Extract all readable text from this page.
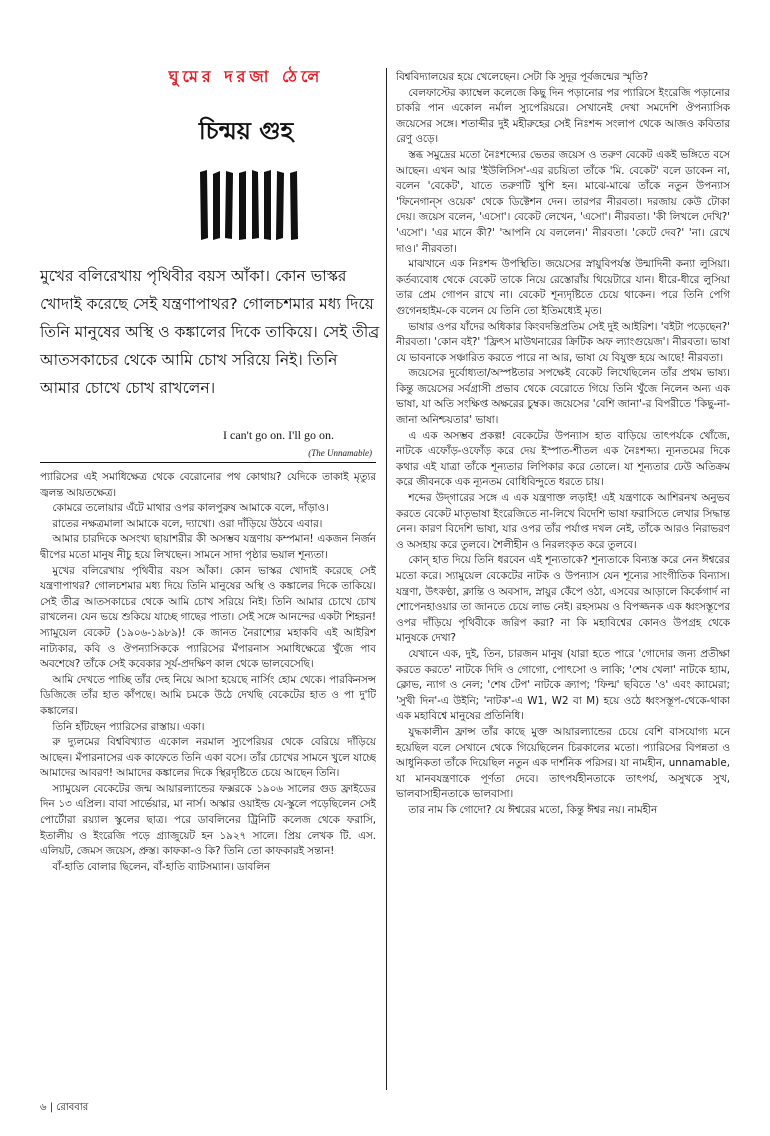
ঘুমের দরজা ঠেলে
চিন্ময় গুহ
মুখের বলিরেখায় পৃথিবীর বয়স আঁকা। কোন ভাস্কর খোদাই করেছে সেই যন্ত্রণাপাথর? গোলচশমার মধ্য দিয়ে তিনি মানুষের অস্থি ও কঙ্কালের দিকে তাকিয়ে। সেই তীব্র আতসকাচের থেকে আমি চোখ সরিয়ে নিই। তিনি আমার চোখে চোখ রাখলেন।
I can't go on. I'll go on.
(The Unnamable)

প্যারিসের এই সমাধিক্ষেত্র থেকে বেরোনোর পথ কোথায়? যেদিকে তাকাই মৃত্যুর জ্বলন্ত আয়তক্ষেত্র।

কোমরে তলোয়ার এঁটে মাথার ওপর কালপুরুষ আমাকে বলে, দাঁড়াও।

রাতের নক্ষত্রমালা আমাকে বলে, দ্যাখো। ওরা দাঁড়িয়ে উঠবে এবার।

আমার চারদিকে অসংখ্য ছায়াশরীর কী অসম্ভব যন্ত্রণায় কম্পমান! একজন নির্জন দ্বীপের মতো মানুষ নীচু হয়ে লিখছেন। সামনে সাদা পৃষ্ঠার ভয়াল শূন্যতা।

মুখের বলিরেখায় পৃথিবীর বয়স আঁকা। কোন ভাস্কর খোদাই করেছে সেই যন্ত্রণাপাথর? গোলচশমার মধ্য দিয়ে তিনি মানুষের অস্থি ও কঙ্কালের দিকে তাকিয়ে। সেই তীব্র আতসকাচের থেকে আমি চোখ সরিয়ে নিই। তিনি আমার চোখে চোখ রাখলেন। যেন ভয়ে শুকিয়ে যাচ্ছে গাছের পাতা। সেই সঙ্গে আনন্দের একটা শিহরন! স্যামুয়েল বেকেট (১৯০৬-১৯৮৯)! কে জানত নৈরাশ্যের মহাকবি এই আইরিশ নাট্যকার, কবি ও ঔপন্যাসিককে প্যারিসের মঁপারনাস সমাধিক্ষেত্রে খুঁজে পাব অবশেষে? তাঁকে সেই কবেকার সূর্য-প্রদক্ষিণ কাল থেকে ভালবেসেছি।

আমি দেখতে পাচ্ছি তাঁর দেহ নিয়ে আসা হয়েছে নার্সিং হোম থেকে। পারকিনসন্স ডিজিজে তাঁর হাত কাঁপছে। আমি চমকে উঠে দেখছি বেকেটের হাত ও পা দু'টি কঙ্কালের।

তিনি হাঁটছেন প্যারিসের রাস্তায়। একা।

রু দ্যুলমের বিশ্ববিখ্যাত একোল নরমাল স্যুপেরিয়র থেকে বেরিয়ে দাঁড়িয়ে আছেন। মঁপারনাসের এক কাফেতে তিনি একা বসে। তাঁর চোখের সামনে খুলে যাচ্ছে আমাদের আবরণ! আমাদের কঙ্কালের দিকে স্থিরদৃষ্টিতে চেয়ে আছেন তিনি।

স্যামুয়েল বেকেটের জন্ম আয়ারল্যান্ডের ফক্সরকে ১৯০৬ সালের গুড ফ্রাইডের দিন ১৩ এপ্রিল। বাবা সার্ভেয়ার, মা নার্স। অস্কার ওয়াইল্ড যে-স্কুলে পড়েছিলেন সেই পোর্টোরা রয়্যাল স্কুলের ছাত্র। পরে ডাবলিনের ট্রিনিটি কলেজ থেকে ফরাসি, ইতালীয় ও ইংরেজি পড়ে গ্র্যাজুয়েট হন ১৯২৭ সালে। প্রিয় লেখক টি. এস. এলিয়ট, জেমস জয়েস, প্রুস্ত। কাফকা-ও কি? তিনি তো কাফকারই সন্তান!

বাঁ-হাতি বোলার ছিলেন, বাঁ-হাতি ব্যাটসম্যান। ডাবলিন

বিশ্ববিদ্যালয়ের হয়ে খেলেছেন। সেটা কি সুদূর পূর্বজন্মের স্মৃতি?

বেলফাস্টের ক্যাম্বেল কলেজে কিছু দিন পড়ানোর পর প্যারিসে ইংরেজি পড়ানোর চাকরি পান একোল নর্মাল স্যুপেরিয়রে। সেখানেই দেখা সমদেশি ঔপন্যাসিক জয়েসের সঙ্গে। শতাব্দীর দুই মহীরুহের সেই নিঃশব্দ সংলাপ থেকে আজও কবিতার রেণু ওড়ে।

স্তব্ধ সমুদ্রের মতো নৈঃশব্দ্যের ভেতর জয়েস ও তরুণ বেকেট একই ভঙ্গিতে বসে আছেন। এখন আর 'ইউলিসিস'-এর রচয়িতা তাঁকে 'মি. বেকেট' বলে ডাকেন না, বলেন 'বেকেট', যাতে তরুণটি খুশি হন। মাঝে-মাঝে তাঁকে নতুন উপন্যাস 'ফিনেগান্‌স ওয়েক' থেকে ডিক্টেশন দেন। তারপর নীরবতা। দরজায় কেউ টোকা দেয়। জয়েস বলেন, 'এসো'। বেকেট লেখেন, 'এসো'। নীরবতা। 'কী লিখলে দেখি?' 'এসো'। 'এর মানে কী?' 'আপনি যে বললেন।' নীরবতা। 'কেটে দেব?' 'না। রেখে দাও।' নীরবতা।

মাঝখানে এক নিঃশব্দ উপস্থিতি। জয়েসের স্নায়ুবিপর্যস্ত উন্মাদিনী কন্যা লুসিয়া। কর্তব্যবোধ থেকে বেকেট তাকে নিয়ে রেস্তোরাঁয় থিয়েটারে যান। ধীরে-ধীরে লুসিয়া তার প্রেম গোপন রাখে না। বেকেট শূন্যদৃষ্টিতে চেয়ে থাকেন। পরে তিনি পেগি গুগেনহাইম-কে বলেন যে তিনি তো ইতিমধ্যেই মৃত।

ভাষার ওপর যাঁদের অধিকার কিংবদন্তিপ্রতিম সেই দুই আইরিশ। 'বইটা পড়েছেন?' নীরবতা। 'কোন বই?' 'ফ্রিৎস মাউথনারের ক্রিটিক অফ ল্যাংগুয়েজ'। নীরবতা। ভাষা যে ভাবনাকে সঞ্চারিত করতে পারে না আর, ভাষা যে বিযুক্ত হয়ে আছে! নীরবতা।

জয়েসের দুর্বোধ্যতা/অস্পষ্টতার সপক্ষেই বেকেট লিখেছিলেন তাঁর প্রথম ভাষ্য। কিন্তু জয়েসের সর্বগ্রাসী প্রভাব থেকে বেরোতে গিয়ে তিনি খুঁজে নিলেন অন্য এক ভাষা, যা অতি সংক্ষিপ্ত অক্ষরের চুম্বক। জয়েসের 'বেশি জানা'-র বিপরীতে 'কিছু-না-জানা অনিশ্চয়তার' ভাষা।

এ এক অসম্ভব প্রকল্প! বেকেটের উপন্যাস হাত বাড়িয়ে তাৎপর্যকে খোঁজে, নাটকে এফোঁড়-ওফোঁড় করে দেয় ইস্পাত-শীতল এক নৈঃশব্দ্য। ন্যূনতমের দিকে কথার এই যাত্রা তাঁকে শূন্যতার লিপিকার করে তোলে। যা শূন্যতার ঢেউ অতিক্রম করে জীবনকে এক ন্যূনতম বোধিবিন্দুতে ধরতে চায়।

শব্দের উদ্‌গারের সঙ্গে এ এক যন্ত্রণাক্ত লড়াই! এই যন্ত্রণাকে আশিরনখ অনুভব করতে বেকেট মাতৃভাষা ইংরেজিতে না-লিখে বিদেশি ভাষা ফরাসিতে লেখার সিদ্ধান্ত নেন। কারণ বিদেশি ভাষা, যার ওপর তাঁর পর্যাপ্ত দখল নেই, তাঁকে আরও নিরাভরণ ও অসহায় করে তুলবে। শৈলীহীন ও নিরলংকৃত করে তুলবে।

কোন্‌ হাত দিয়ে তিনি ধরবেন এই শূন্যতাকে? শূন্যতাকে বিন্যস্ত করে নেন ঈশ্বরের মতো করে। স্যামুয়েল বেকেটের নাটক ও উপন্যাস যেন শূন্যের সাংগীতিক বিন্যাস। যন্ত্রণা, উৎকণ্ঠা, ক্লান্তি ও অবসাদ, স্নায়ুর কেঁপে ওঠা, এসবের আড়ালে কির্কেগার্দ না শোপেনহাওয়ার তা জানতে চেয়ে লাভ নেই। রহস্যময় ও বিপজ্জনক এক ধ্বংসস্তূপের ওপর দাঁড়িয়ে পৃথিবীকে জরিপ করা? না কি মহাবিশ্বের কোনও উপগ্রহ থেকে মানুষকে দেখা?

যেখানে এক, দুই, তিন, চারজন মানুষ (যারা হতে পারে 'গোদোর জন্য প্রতীক্ষা করতে করতে' নাটকে দিদি ও গোগো, পোৎসো ও লাকি; 'শেষ খেলা' নাটকে হ্যাম, ক্লোভ, ন্যাগ ও নেল; 'শেষ টেপ' নাটকে ক্র্যাপ; 'ফিল্ম' ছবিতে 'ও' এবং ক্যামেরা; 'সুখী দিন'-এ উইনি; 'নাটক'-এ W1, W2 বা M) হয়ে ওঠে ধ্বংসস্তূপ-থেকে-থাকা এক মহাবিশ্বে মানুষের প্রতিনিধি।

যুদ্ধকালীন ফ্রান্স তাঁর কাছে মুক্ত আয়ারল্যান্ডের চেয়ে বেশি বাসযোগ্য মনে হয়েছিল বলে সেখানে থেকে গিয়েছিলেন চিরকালের মতো। প্যারিসের বিপন্নতা ও আধুনিকতা তাঁকে দিয়েছিল নতুন এক দার্শনিক পরিসর। যা নামহীন, unnamable, যা মানবযন্ত্রণাকে পূর্ণতা দেবে। তাৎপর্যহীনতাকে তাৎপর্য, অসুখকে সুখ, ভালবাসাহীনতাকে ভালবাসা।

তার নাম কি গোদো? যে ঈশ্বরের মতো, কিন্তু ঈশ্বর নয়। নামহীন

৬ | রোববার
